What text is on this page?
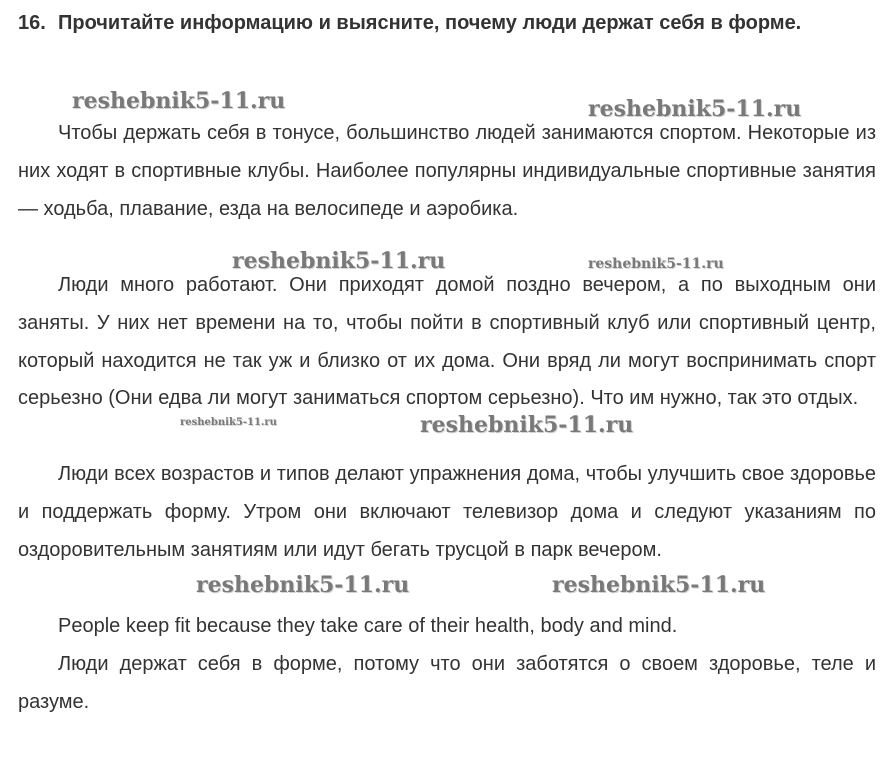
16. Прочитайте информацию и выясните, почему люди держат себя в форме.

Чтобы держать себя в тонусе, большинство людей занимаются спортом. Некоторые из них ходят в спортивные клубы. Наиболее популярны индивидуальные спортивные занятия — ходьба, плавание, езда на велосипеде и аэробика.

Люди много работают. Они приходят домой поздно вечером, а по выходным они заняты. У них нет времени на то, чтобы пойти в спортивный клуб или спортивный центр, который находится не так уж и близко от их дома. Они вряд ли могут воспринимать спорт серьезно (Они едва ли могут заниматься спортом серьезно). Что им нужно, так это отдых.

Люди всех возрастов и типов делают упражнения дома, чтобы улучшить свое здоровье и поддержать форму. Утром они включают телевизор дома и следуют указаниям по оздоровительным занятиям или идут бегать трусцой в парк вечером.

People keep fit because they take care of their health, body and mind.

Люди держат себя в форме, потому что они заботятся о своем здоровье, теле и разуме.

reshebnik5-11.ru	reshebnik5-11.ru
reshebnik5-11.ru	reshebnik5-11.ru
reshebnik5-11.ru	reshebnik5-11.ru
reshebnik5-11.ru	reshebnik5-11.ru
